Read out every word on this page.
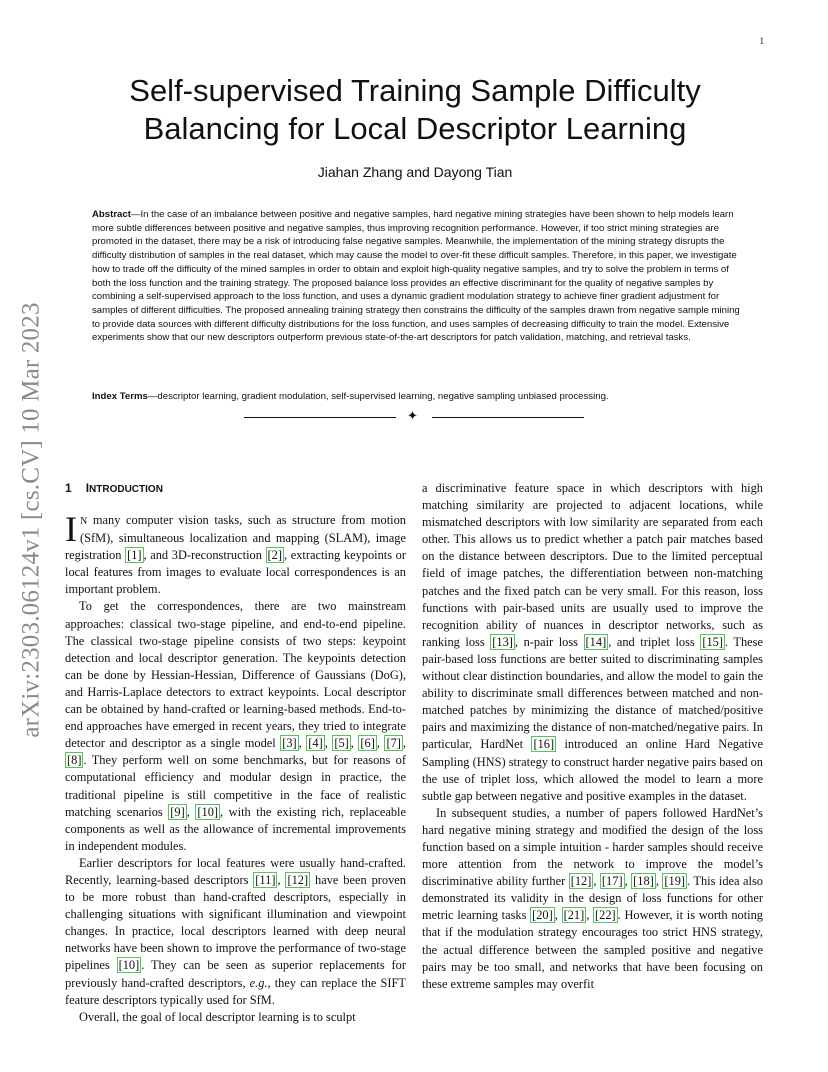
1
arXiv:2303.06124v1 [cs.CV] 10 Mar 2023
Self-supervised Training Sample Difficulty Balancing for Local Descriptor Learning
Jiahan Zhang and Dayong Tian

Abstract—In the case of an imbalance between positive and negative samples, hard negative mining strategies have been shown to help models learn more subtle differences between positive and negative samples, thus improving recognition performance. However, if too strict mining strategies are promoted in the dataset, there may be a risk of introducing false negative samples. Meanwhile, the implementation of the mining strategy disrupts the difficulty distribution of samples in the real dataset, which may cause the model to over-fit these difficult samples. Therefore, in this paper, we investigate how to trade off the difficulty of the mined samples in order to obtain and exploit high-quality negative samples, and try to solve the problem in terms of both the loss function and the training strategy. The proposed balance loss provides an effective discriminant for the quality of negative samples by combining a self-supervised approach to the loss function, and uses a dynamic gradient modulation strategy to achieve finer gradient adjustment for samples of different difficulties. The proposed annealing training strategy then constrains the difficulty of the samples drawn from negative sample mining to provide data sources with different difficulty distributions for the loss function, and uses samples of decreasing difficulty to train the model. Extensive experiments show that our new descriptors outperform previous state-of-the-art descriptors for patch validation, matching, and retrieval tasks.

Index Terms—descriptor learning, gradient modulation, self-supervised learning, negative sampling unbiased processing.

✦
1 INTRODUCTION

I N many computer vision tasks, such as structure from motion (SfM), simultaneous localization and mapping (SLAM), image registration [1] , and 3D-reconstruction [2] , extracting keypoints or local features from images to evaluate local correspondences is an important problem.

To get the correspondences, there are two mainstream approaches: classical two-stage pipeline, and end-to-end pipeline. The classical two-stage pipeline consists of two steps: keypoint detection and local descriptor generation. The keypoints detection can be done by Hessian-Hessian, Difference of Gaussians (DoG), and Harris-Laplace detectors to extract keypoints. Local descriptor can be obtained by hand-crafted or learning-based methods. End-to-end approaches have emerged in recent years, they tried to integrate detector and descriptor as a single model [3] , [4] , [5] , [6] , [7] , [8] . They perform well on some benchmarks, but for reasons of computational efficiency and modular design in practice, the traditional pipeline is still competitive in the face of realistic matching scenarios [9] , [10] , with the existing rich, replaceable components as well as the allowance of incremental improvements in independent modules.

Earlier descriptors for local features were usually hand-crafted. Recently, learning-based descriptors [11] , [12] have been proven to be more robust than hand-crafted descriptors, especially in challenging situations with significant illumination and viewpoint changes. In practice, local descriptors learned with deep neural networks have been shown to improve the performance of two-stage pipelines [10] . They can be seen as superior replacements for previously hand-crafted descriptors, e.g., they can replace the SIFT feature descriptors typically used for SfM.

Overall, the goal of local descriptor learning is to sculpt

a discriminative feature space in which descriptors with high matching similarity are projected to adjacent locations, while mismatched descriptors with low similarity are separated from each other. This allows us to predict whether a patch pair matches based on the distance between descriptors. Due to the limited perceptual field of image patches, the differentiation between non-matching patches and the fixed patch can be very small. For this reason, loss functions with pair-based units are usually used to improve the recognition ability of nuances in descriptor networks, such as ranking loss [13] , n-pair loss [14] , and triplet loss [15] . These pair-based loss functions are better suited to discriminating samples without clear distinction boundaries, and allow the model to gain the ability to discriminate small differences between matched and non-matched patches by minimizing the distance of matched/positive pairs and maximizing the distance of non-matched/negative pairs. In particular, HardNet [16] introduced an online Hard Negative Sampling (HNS) strategy to construct harder negative pairs based on the use of triplet loss, which allowed the model to learn a more subtle gap between negative and positive examples in the dataset.

In subsequent studies, a number of papers followed HardNet’s hard negative mining strategy and modified the design of the loss function based on a simple intuition - harder samples should receive more attention from the network to improve the model’s discriminative ability further [12] , [17] , [18] , [19] . This idea also demonstrated its validity in the design of loss functions for other metric learning tasks [20] , [21] , [22] . However, it is worth noting that if the modulation strategy encourages too strict HNS strategy, the actual difference between the sampled positive and negative pairs may be too small, and networks that have been focusing on these extreme samples may overfit
